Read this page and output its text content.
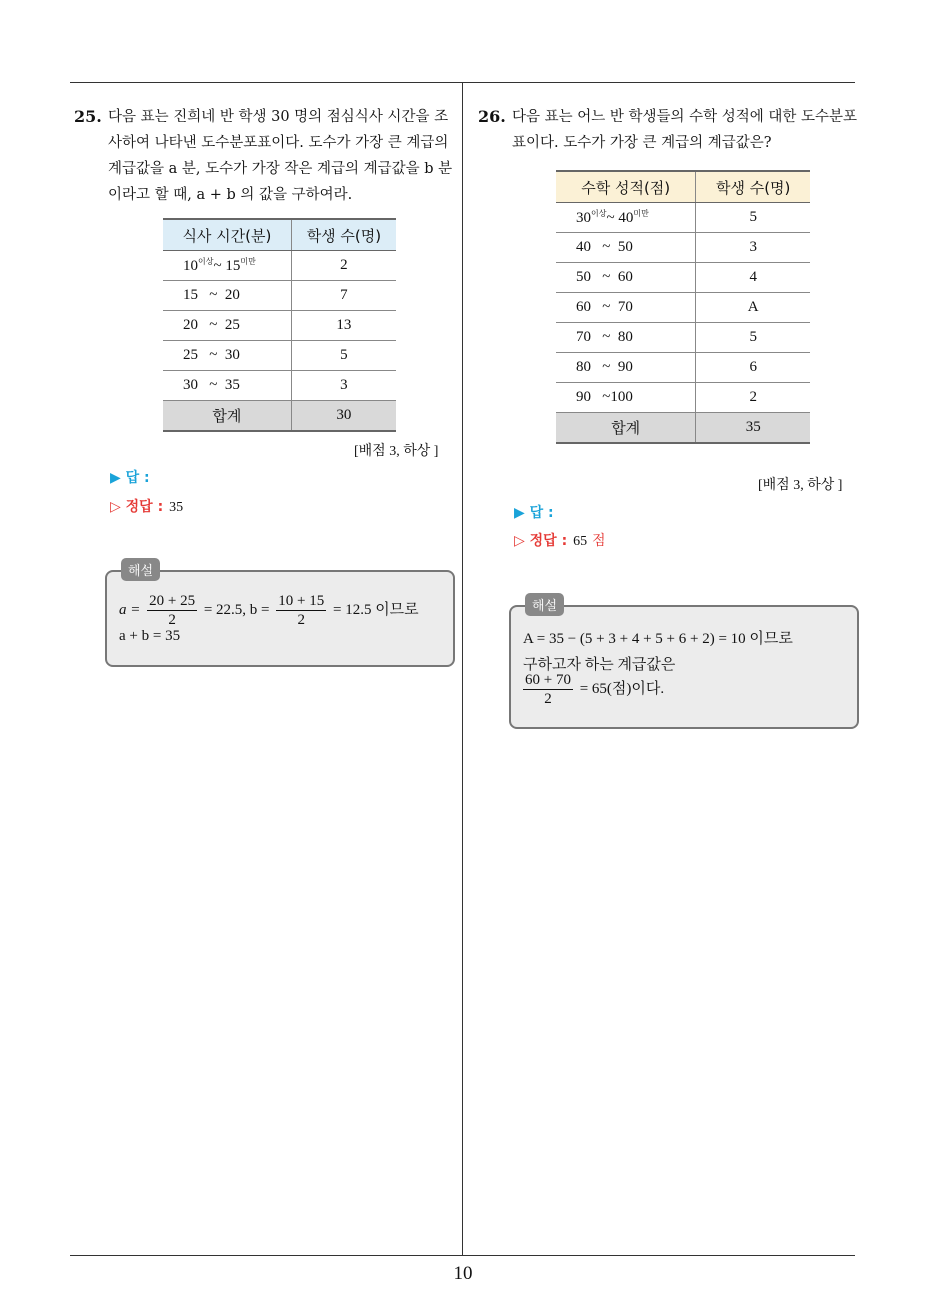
25. 다음 표는 진희네 반 학생 30 명의 점심식사 시간을 조사하여 나타낸 도수분포표이다. 도수가 가장 큰 계급의 계급값을 a 분, 도수가 가장 작은 계급의 계급값을 b 분이라고 할 때, a + b 의 값을 구하여라.
식사 시간(분)	학생 수(명)
$10^{이상}\sim$ $15^{미만}$	2
15   ~  20	7
20   ~  25	13
25   ~  30	5
30   ~  35	3
합계	30
[배점 3, 하상 ]
▶ 답 :
▷ 정답 : 35
해설
$a = \frac{20 + 25}{2} = 22.5$, $b = \frac{10 + 15}{2} = 12.5$ 이므로
a + b = 35
26. 다음 표는 어느 반 학생들의 수학 성적에 대한 도수분포표이다. 도수가 가장 큰 계급의 계급값은?
수학 성적(점)	학생 수(명)
$30^{이상}\sim$ $40^{미만}$	5
40   ~  50	3
50   ~  60	4
60   ~  70	A
70   ~  80	5
80   ~  90	6
90   ~100	2
합계	35
[배점 3, 하상 ]
▶ 답 :
▷ 정답 : 65 점
해설
A = 35 − (5 + 3 + 4 + 5 + 6 + 2) = 10 이므로
구하고자 하는 계급값은
$\frac{60 + 70}{2} = 65$(점)이다.
10
